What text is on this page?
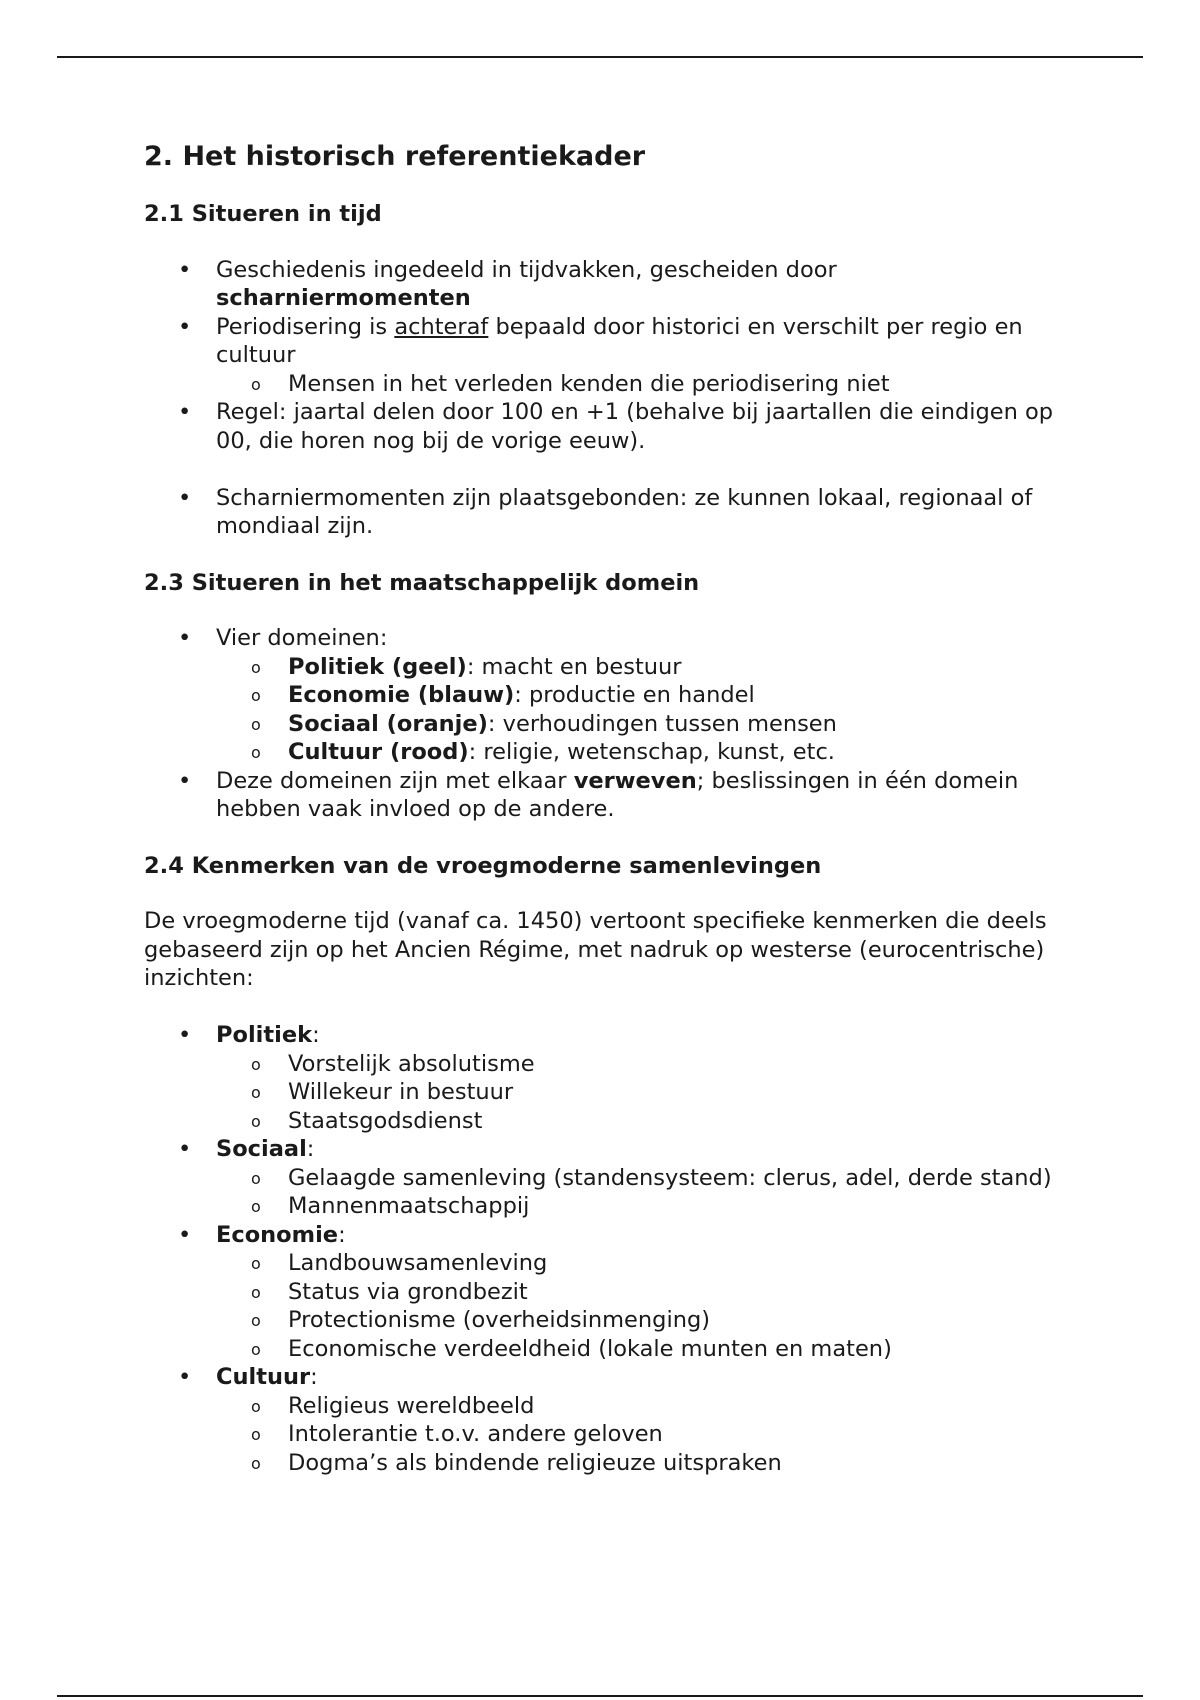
2. Het historisch referentiekader
2.1 Situeren in tijd
• Geschiedenis ingedeeld in tijdvakken, gescheiden door scharniermomenten
• Periodisering is achteraf bepaald door historici en verschilt per regio en cultuur
o Mensen in het verleden kenden die periodisering niet
• Regel: jaartal delen door 100 en +1 (behalve bij jaartallen die eindigen op 00, die horen nog bij de vorige eeuw).
• Scharniermomenten zijn plaatsgebonden: ze kunnen lokaal, regionaal of mondiaal zijn.
2.3 Situeren in het maatschappelijk domein
• Vier domeinen:
o Politiek (geel): macht en bestuur
o Economie (blauw): productie en handel
o Sociaal (oranje): verhoudingen tussen mensen
o Cultuur (rood): religie, wetenschap, kunst, etc.
• Deze domeinen zijn met elkaar verweven; beslissingen in één domein hebben vaak invloed op de andere.
2.4 Kenmerken van de vroegmoderne samenlevingen

De vroegmoderne tijd (vanaf ca. 1450) vertoont specifieke kenmerken die deels gebaseerd zijn op het Ancien Régime, met nadruk op westerse (eurocentrische) inzichten:

• Politiek:
o Vorstelijk absolutisme
o Willekeur in bestuur
o Staatsgodsdienst
• Sociaal:
o Gelaagde samenleving (standensysteem: clerus, adel, derde stand)
o Mannenmaatschappij
• Economie:
o Landbouwsamenleving
o Status via grondbezit
o Protectionisme (overheidsinmenging)
o Economische verdeeldheid (lokale munten en maten)
• Cultuur:
o Religieus wereldbeeld
o Intolerantie t.o.v. andere geloven
o Dogma’s als bindende religieuze uitspraken
